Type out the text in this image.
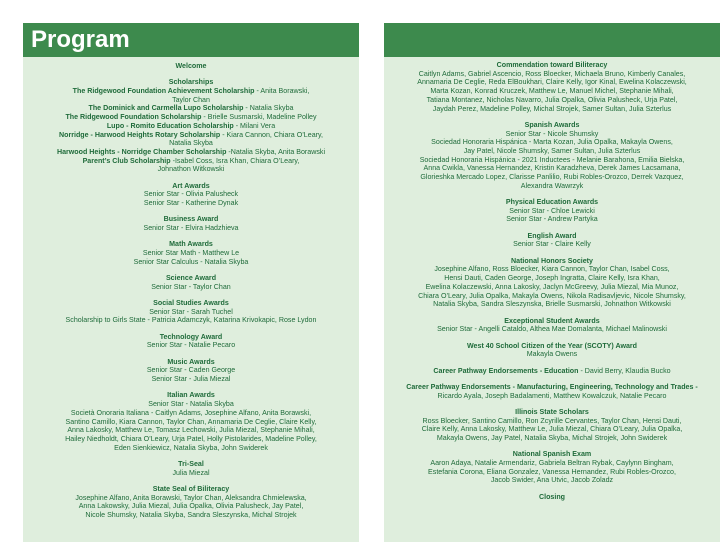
Program
Welcome
Scholarships
The Ridgewood Foundation Achievement Scholarship - Anita Borawski,
Taylor Chan
The Dominick and Carmella Lupo Scholarship - Natalia Skyba
The Ridgewood Foundation Scholarship - Brielle Susmarski, Madeline Polley
Lupo - Romito Education Scholarship - Milani Vera
Norridge - Harwood Heights Rotary Scholarship - Kiara Cannon, Chiara O’Leary,
Natalia Skyba
Harwood Heights - Norridge Chamber Scholarship -Natalia Skyba, Anita Borawski
Parent’s Club Scholarship -Isabel Coss, Isra Khan, Chiara O’Leary,
Johnathon Witkowski
Art Awards
Senior Star - Olivia Palusheck
Senior Star - Katherine Dynak
Business Award
Senior Star - Elvira Hadzhieva
Math Awards
Senior Star Math - Matthew Le
Senior Star Calculus - Natalia Skyba
Science Award
Senior Star - Taylor Chan
Social Studies Awards
Senior Star - Sarah Tuchel
Scholarship to Girls State - Patricia Adamczyk, Katarina Krivokapic, Rose Lydon
Technology Award
Senior Star - Natalie Pecaro
Music Awards
Senior Star - Caden George
Senior Star - Julia Miezal
Italian Awards
Senior Star - Natalia Skyba
Società Onoraria Italiana - Caitlyn Adams, Josephine Alfano, Anita Borawski,
Santino Camillo, Kiara Cannon, Taylor Chan, Annamaria De Ceglie, Claire Kelly,
Anna Lakosky, Matthew Le, Tomasz Lechowski, Julia Miezal, Stephanie Mihali,
Hailey Niedholdt, Chiara O’Leary, Urja Patel, Holly Pistolarides, Madeline Polley,
Eden Sienkiewicz, Natalia Skyba, John Swiderek
Tri-Seal
Julia Miezal
State Seal of Biliteracy
Josephine Alfano, Anita Borawski, Taylor Chan, Aleksandra Chmielewska,
Anna Lakowsky, Julia Miezal, Julia Opalka, Olivia Palusheck, Jay Patel,
Nicole Shumsky, Natalia Skyba, Sandra Sleszynska, Michal Strojek
Commendation toward Biliteracy
Caitlyn Adams, Gabriel Ascencio, Ross Bloecker, Michaela Bruno, Kimberly Canales,
Annamaria De Ceglie, Reda ElBoukhari, Claire Kelly, Igor Kinal, Ewelina Kolaczewski,
Marta Kozan, Konrad Kruczek, Matthew Le, Manuel Michel, Stephanie Mihali,
Tatiana Montanez, Nicholas Navarro, Julia Opalka, Olivia Palusheck, Urja Patel,
Jaydah Perez, Madeline Polley, Michal Strojek, Samer Sultan, Julia Szterlus
Spanish Awards
Senior Star - Nicole Shumsky
Sociedad Honoraria Hispánica - Marta Kozan, Julia Opalka, Makayla Owens,
Jay Patel, Nicole Shumsky, Samer Sultan, Julia Szterlus
Sociedad Honoraria Hispánica - 2021 Inductees - Melanie Barahona, Emilia Bielska,
Anna Cwikla, Vanessa Hernandez, Kristin Karadzheva, Derek James Lacsamana,
Glorieshka Mercado Lopez, Clarisse Panlilio, Rubi Robles-Orozco, Derrek Vazquez,
Alexandra Wawrzyk
Physical Education Awards
Senior Star - Chloe Lewicki
Senior Star - Andrew Partyka
English Award
Senior Star - Claire Kelly
National Honors Society
Josephine Alfano, Ross Bloecker, Kiara Cannon, Taylor Chan, Isabel Coss,
Hensi Dauti, Caden George, Joseph Ingratta, Claire Kelly, Isra Khan,
Ewelina Kolaczewski, Anna Lakosky, Jaclyn McGreevy, Julia Miezal, Mia Munoz,
Chiara O’Leary, Julia Opalka, Makayla Owens, Nikola Radisavljevic, Nicole Shumsky,
Natalia Skyba, Sandra Sleszynska, Brielle Susmarski, Johnathon Witkowski
Exceptional Student Awards
Senior Star - Angelli Cataldo, Althea Mae Domalanta, Michael Malinowski
West 40 School Citizen of the Year (SCOTY) Award
Makayla Owens
Career Pathway Endorsements - Education - David Berry, Klaudia Bucko
Career Pathway Endorsements - Manufacturing, Engineering, Technology and Trades -
Ricardo Ayala, Joseph Badalamenti, Matthew Kowalczuk, Natalie Pecaro
Illinois State Scholars
Ross Bloecker, Santino Camillo, Ron Zcyrille Cervantes, Taylor Chan, Hensi Dauti,
Claire Kelly, Anna Lakosky, Matthew Le, Julia Miezal, Chiara O’Leary, Julia Opalka,
Makayla Owens, Jay Patel, Natalia Skyba, Michal Strojek, John Swiderek
National Spanish Exam
Aaron Adaya, Natalie Armendariz, Gabriela Beltran Rybak, Caylynn Bingham,
Estefania Corona, Eliana Gonzalez, Vanessa Hernandez, Rubi Robles-Orozco,
Jacob Swider, Ana Utvic, Jacob Zoladz
Closing
